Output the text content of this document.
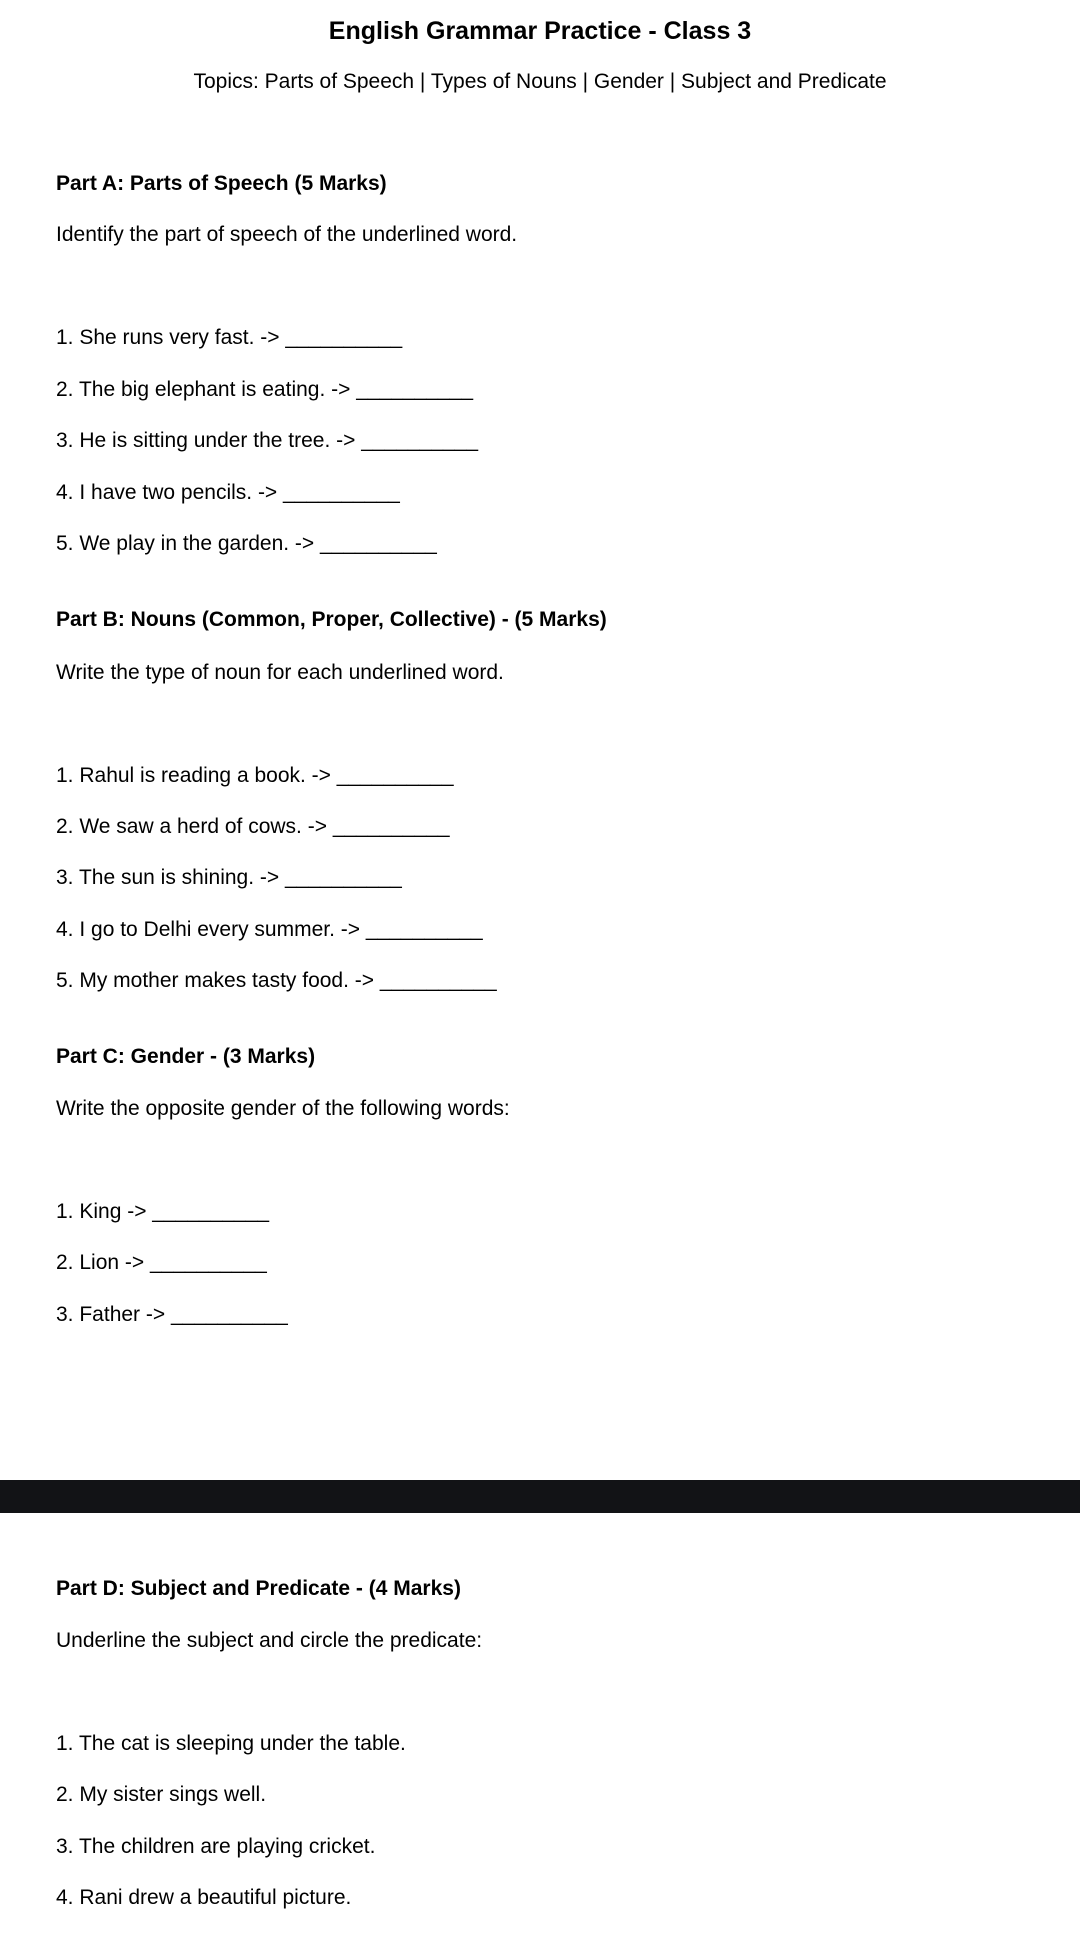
English Grammar Practice - Class 3
Topics: Parts of Speech | Types of Nouns | Gender | Subject and Predicate
Part A: Parts of Speech (5 Marks)
Identify the part of speech of the underlined word.
1. She runs very fast. -> __________
2. The big elephant is eating. -> __________
3. He is sitting under the tree. -> __________
4. I have two pencils. -> __________
5. We play in the garden. -> __________
Part B: Nouns (Common, Proper, Collective) - (5 Marks)
Write the type of noun for each underlined word.
1. Rahul is reading a book. -> __________
2. We saw a herd of cows. -> __________
3. The sun is shining. -> __________
4. I go to Delhi every summer. -> __________
5. My mother makes tasty food. -> __________
Part C: Gender - (3 Marks)
Write the opposite gender of the following words:
1. King -> __________
2. Lion -> __________
3. Father -> __________
Part D: Subject and Predicate - (4 Marks)
Underline the subject and circle the predicate:
1. The cat is sleeping under the table.
2. My sister sings well.
3. The children are playing cricket.
4. Rani drew a beautiful picture.
